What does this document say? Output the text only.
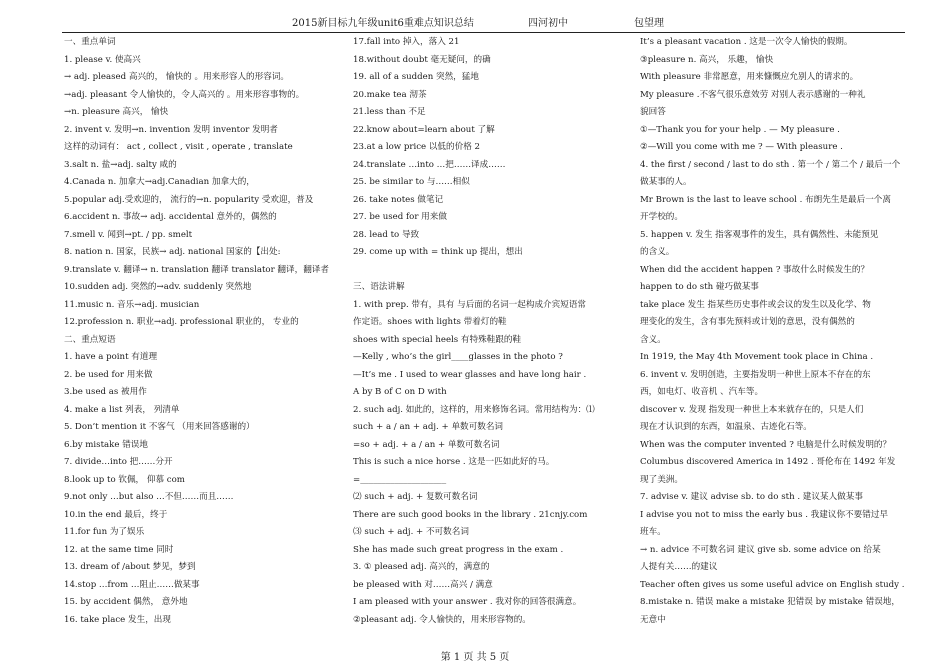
2015新目标九年级unit6重难点知识总结	四河初中	包望理
一、重点单词
1. please v. 使高兴
→ adj. pleased 高兴的， 愉快的 。用来形容人的形容词。
→adj. pleasant 令人愉快的，令人高兴的 。用来形容事物的。
→n. pleasure 高兴， 愉快
2. invent v. 发明→n. invention 发明 inventor 发明者
这样的动词有： act , collect , visit , operate , translate
3.salt n. 盐→adj. salty 咸的
4.Canada n. 加拿大→adj.Canadian 加拿大的，
5.popular adj.受欢迎的， 流行的→n. popularity 受欢迎，普及
6.accident n. 事故→ adj. accidental 意外的，偶然的
7.smell v. 闻到→pt. / pp. smelt
8. nation n. 国家，民族→ adj. national 国家的【出处:
9.translate v. 翻译→ n. translation 翻译 translator 翻译，翻译者
10.sudden adj. 突然的→adv. suddenly 突然地
11.music n. 音乐→adj. musician
12.profession n. 职业→adj. professional 职业的， 专业的
二、重点短语
1. have a point 有道理
2. be used for 用来做
3.be used as 被用作
4. make a list 列表， 列清单
5. Don’t mention it 不客气 （用来回答感谢的）
6.by mistake 错误地
7. divide…into 把……分开
8.look up to 钦佩， 仰慕 com
9.not only …but also …不但……而且……
10.in the end 最后，终于
11.for fun 为了娱乐
12. at the same time 同时
13. dream of /about 梦见，梦到
14.stop …from …阻止……做某事
15. by accident 偶然， 意外地
16. take place 发生，出现
17.fall into 掉入，落入 21
18.without doubt 毫无疑问，的确
19. all of a sudden 突然，猛地
20.make tea 沏茶
21.less than 不足
22.know about=learn about 了解
23.at a low price 以低的价格 2
24.translate …into …把……译成……
25. be similar to 与……相似
26. take notes 做笔记
27. be used for 用来做
28. lead to 导致
29. come up with = think up 提出，想出
三、语法讲解
1. with prep. 带有，具有 与后面的名词一起构成介宾短语常
作定语。shoes with lights 带着灯的鞋
shoes with special heels 有特殊鞋跟的鞋
—Kelly , who’s the girl____glasses in the photo ?
—It’s me . I used to wear glasses and have long hair .
A by B of C on D with
2. such adj. 如此的，这样的，用来修饰名词。常用结构为：⑴
such + a / an + adj. + 单数可数名词
=so + adj. + a / an + 单数可数名词
This is such a nice horse . 这是一匹如此好的马。
=____________________
⑵ such + adj. + 复数可数名词
There are such good books in the library . 21cnjy.com
⑶ such + adj. + 不可数名词
She has made such great progress in the exam .
3. ① pleased adj. 高兴的，满意的
be pleased with 对……高兴 / 满意
I am pleased with your answer . 我对你的回答很满意。
②pleasant adj. 令人愉快的，用来形容物的。
It’s a pleasant vacation . 这是一次令人愉快的假期。
③pleasure n. 高兴， 乐趣， 愉快
With pleasure 非常愿意，用来慷慨应允别人的请求的。
My pleasure .不客气很乐意效劳 对别人表示感谢的一种礼
貌回答
①—Thank you for your help . — My pleasure .
②—Will you come with me ? — With pleasure .
4. the first / second / last to do sth . 第一个 / 第二个 / 最后一个
做某事的人。
Mr Brown is the last to leave school . 布朗先生是最后一个离
开学校的。
5. happen v. 发生 指客观事件的发生，具有偶然性、未能预见
的含义。
When did the accident happen ? 事故什么时候发生的？
happen to do sth 碰巧做某事
take place 发生 指某些历史事件或会议的发生以及化学、物
理变化的发生，含有事先预料或计划的意思，没有偶然的
含义。
In 1919, the May 4th Movement took place in China .
6. invent v. 发明创造，主要指发明一种世上原本不存在的东
西，如电灯、收音机 、汽车等。
discover v. 发现 指发现一种世上本来就存在的，只是人们
现在才认识到的东西，如温泉、古迹化石等。
When was the computer invented ? 电脑是什么时候发明的？
Columbus discovered America in 1492 . 哥伦布在 1492 年发
现了美洲。
7. advise v. 建议 advise sb. to do sth . 建议某人做某事
I advise you not to miss the early bus . 我建议你不要错过早
班车。
→ n. advice 不可数名词 建议 give sb. some advice on 给某
人提有关……的建议
Teacher often gives us some useful advice on English study .
8.mistake n. 错误 make a mistake 犯错误 by mistake 错误地，
无意中
第 1 页 共 5 页
